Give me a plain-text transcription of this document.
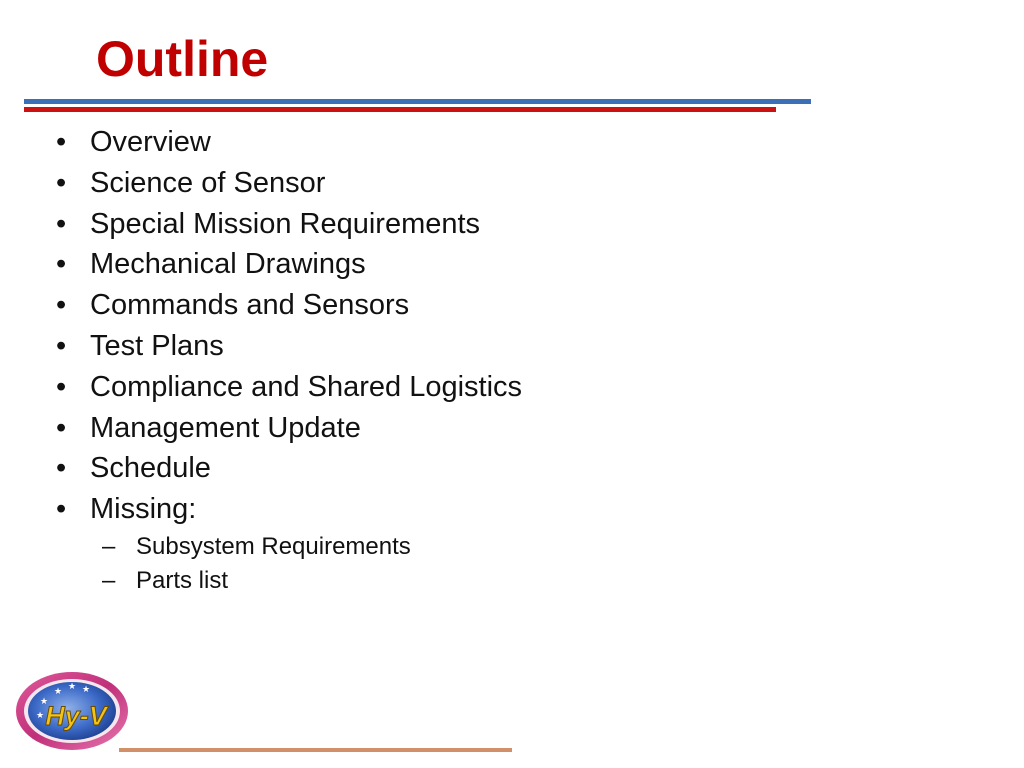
Outline
• Overview
• Science of Sensor
• Special Mission Requirements
• Mechanical Drawings
• Commands and Sensors
• Test Plans
• Compliance and Shared Logistics
• Management Update
• Schedule
• Missing:
– Subsystem Requirements
– Parts list
★ ★ ★
★
★ Hy-V
